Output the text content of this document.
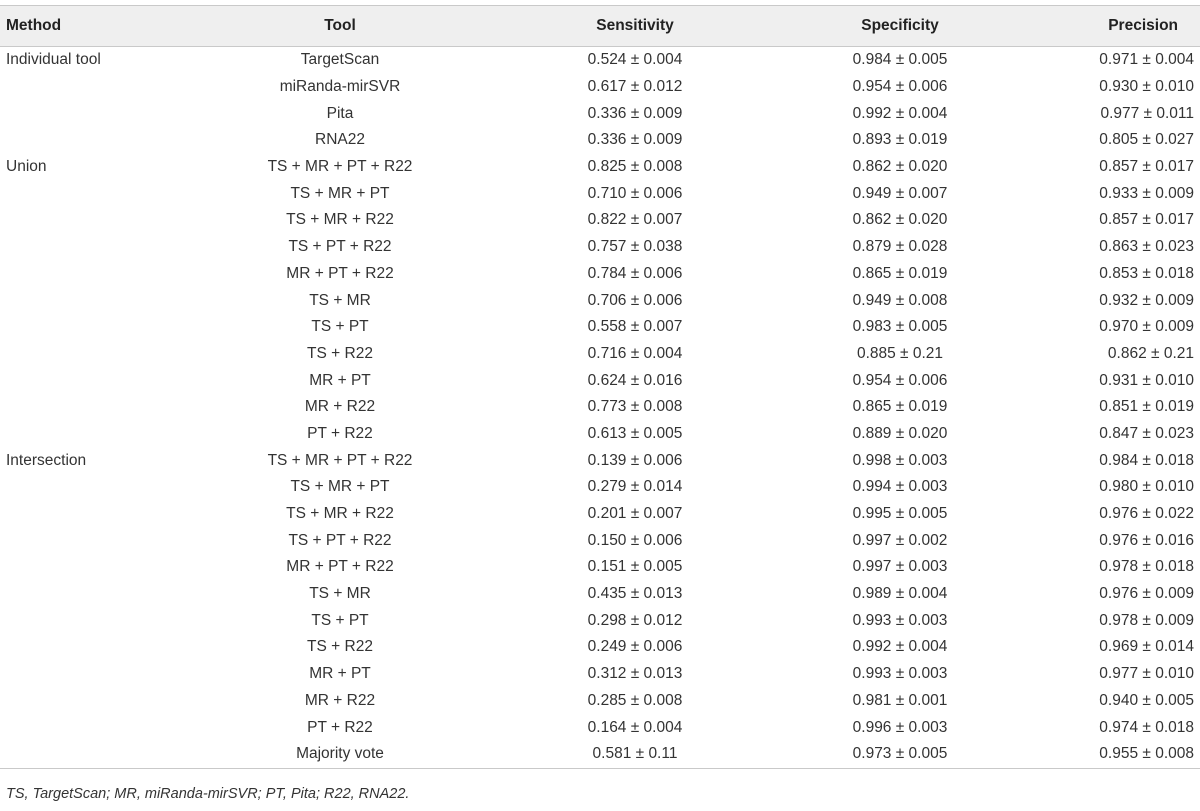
Method	Tool	Sensitivity	Specificity	Precision
Individual tool	TargetScan	0.524 ± 0.004	0.984 ± 0.005	0.971 ± 0.004
	miRanda-mirSVR	0.617 ± 0.012	0.954 ± 0.006	0.930 ± 0.010
	Pita	0.336 ± 0.009	0.992 ± 0.004	0.977 ± 0.011
	RNA22	0.336 ± 0.009	0.893 ± 0.019	0.805 ± 0.027
Union	TS + MR + PT + R22	0.825 ± 0.008	0.862 ± 0.020	0.857 ± 0.017
	TS + MR + PT	0.710 ± 0.006	0.949 ± 0.007	0.933 ± 0.009
	TS + MR + R22	0.822 ± 0.007	0.862 ± 0.020	0.857 ± 0.017
	TS + PT + R22	0.757 ± 0.038	0.879 ± 0.028	0.863 ± 0.023
	MR + PT + R22	0.784 ± 0.006	0.865 ± 0.019	0.853 ± 0.018
	TS + MR	0.706 ± 0.006	0.949 ± 0.008	0.932 ± 0.009
	TS + PT	0.558 ± 0.007	0.983 ± 0.005	0.970 ± 0.009
	TS + R22	0.716 ± 0.004	0.885 ± 0.21	0.862 ± 0.21
	MR + PT	0.624 ± 0.016	0.954 ± 0.006	0.931 ± 0.010
	MR + R22	0.773 ± 0.008	0.865 ± 0.019	0.851 ± 0.019
	PT + R22	0.613 ± 0.005	0.889 ± 0.020	0.847 ± 0.023
Intersection	TS + MR + PT + R22	0.139 ± 0.006	0.998 ± 0.003	0.984 ± 0.018
	TS + MR + PT	0.279 ± 0.014	0.994 ± 0.003	0.980 ± 0.010
	TS + MR + R22	0.201 ± 0.007	0.995 ± 0.005	0.976 ± 0.022
	TS + PT + R22	0.150 ± 0.006	0.997 ± 0.002	0.976 ± 0.016
	MR + PT + R22	0.151 ± 0.005	0.997 ± 0.003	0.978 ± 0.018
	TS + MR	0.435 ± 0.013	0.989 ± 0.004	0.976 ± 0.009
	TS + PT	0.298 ± 0.012	0.993 ± 0.003	0.978 ± 0.009
	TS + R22	0.249 ± 0.006	0.992 ± 0.004	0.969 ± 0.014
	MR + PT	0.312 ± 0.013	0.993 ± 0.003	0.977 ± 0.010
	MR + R22	0.285 ± 0.008	0.981 ± 0.001	0.940 ± 0.005
	PT + R22	0.164 ± 0.004	0.996 ± 0.003	0.974 ± 0.018
	Majority vote	0.581 ± 0.11	0.973 ± 0.005	0.955 ± 0.008
TS, TargetScan; MR, miRanda-mirSVR; PT, Pita; R22, RNA22.
